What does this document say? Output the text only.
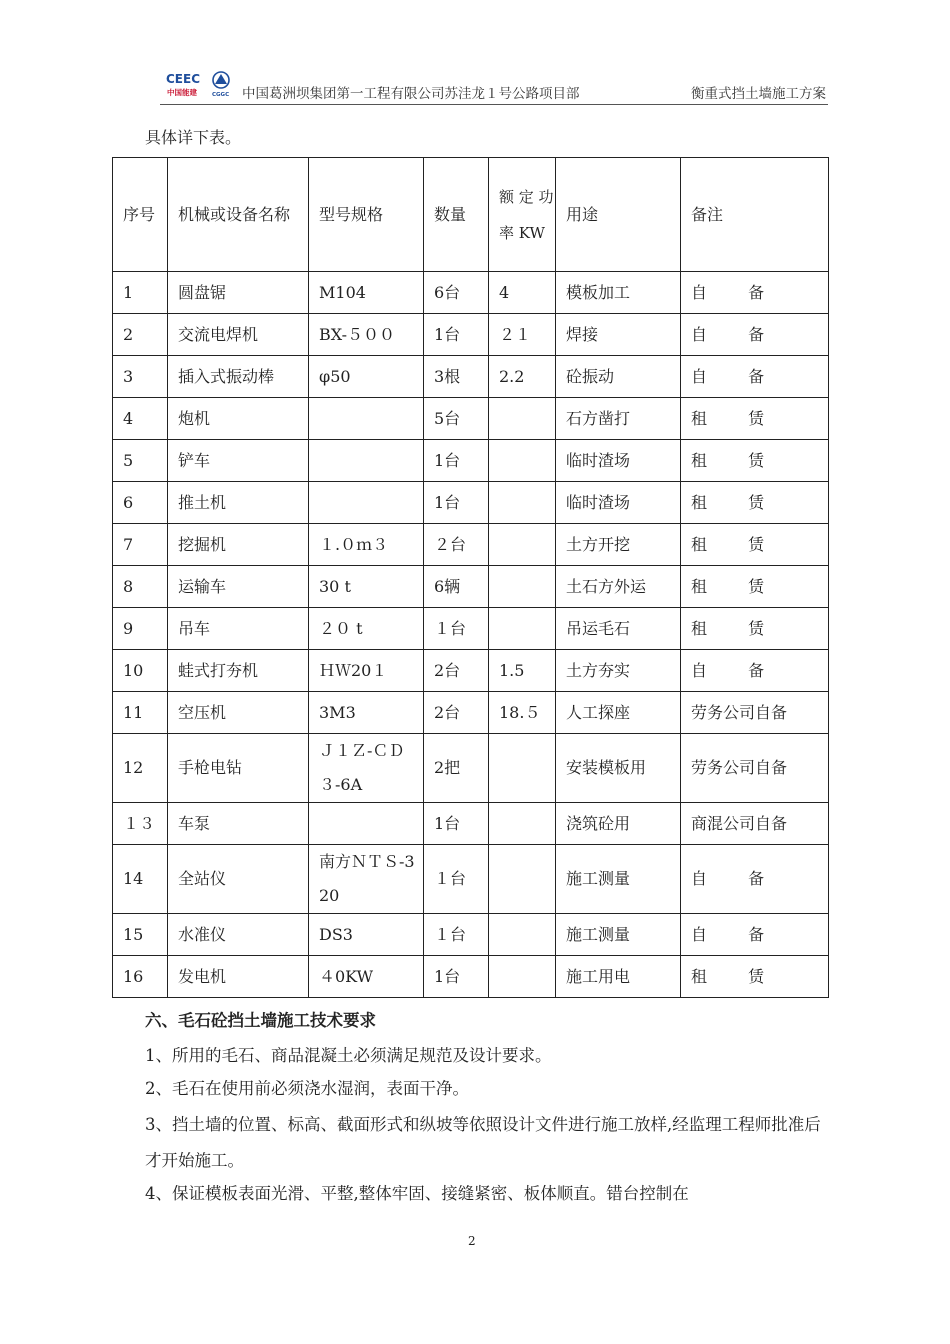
CEEC
中国能建	CGGC 中国葛洲坝集团第一工程有限公司苏洼龙１号公路项目部	衡重式挡土墙施工方案
具体详下表。
序号	机械或设备名称	型号规格	数量	额 定 功 率 KW	用途	备注
1	圆盘锯	M104	6台	4	模板加工	自 备
2	交流电焊机	BX-５００	1台	２１	焊接	自 备
3	插入式振动棒	φ50	3根	2.2	砼振动	自 备
4	炮机		5台		石方凿打	租 赁
5	铲车		1台		临时渣场	租 赁
6	推土机		1台		临时渣场	租 赁
7	挖掘机	１.０ｍ３	２台		土方开挖	租 赁
8	运输车	30 t	6辆		土石方外运	租 赁
9	吊车	２０ t	１台		吊运毛石	租 赁
10	蛙式打夯机	ＨＷ20１	2台	1.5	土方夯实	自 备
11	空压机	3M3	2台	18.５	人工探座	劳务公司自备
12	手枪电钻	Ｊ１Ｚ-ＣＤ３-6A	2把		安装模板用	劳务公司自备
１３	车泵		1台		浇筑砼用	商混公司自备
14	全站仪	南方ＮＴＳ-320	１台		施工测量	自 备
15	水准仪	DS3	１台		施工测量	自 备
16	发电机	４0KW	1台		施工用电	租 赁
六、毛石砼挡土墙施工技术要求
1、所用的毛石、商品混凝土必须满足规范及设计要求。
2、毛石在使用前必须浇水湿润，表面干净。
3、挡土墙的位置、标高、截面形式和纵坡等依照设计文件进行施工放样,经监理工程师批准后才开始施工。
4、保证模板表面光滑、平整,整体牢固、接缝紧密、板体顺直。错台控制在
2
